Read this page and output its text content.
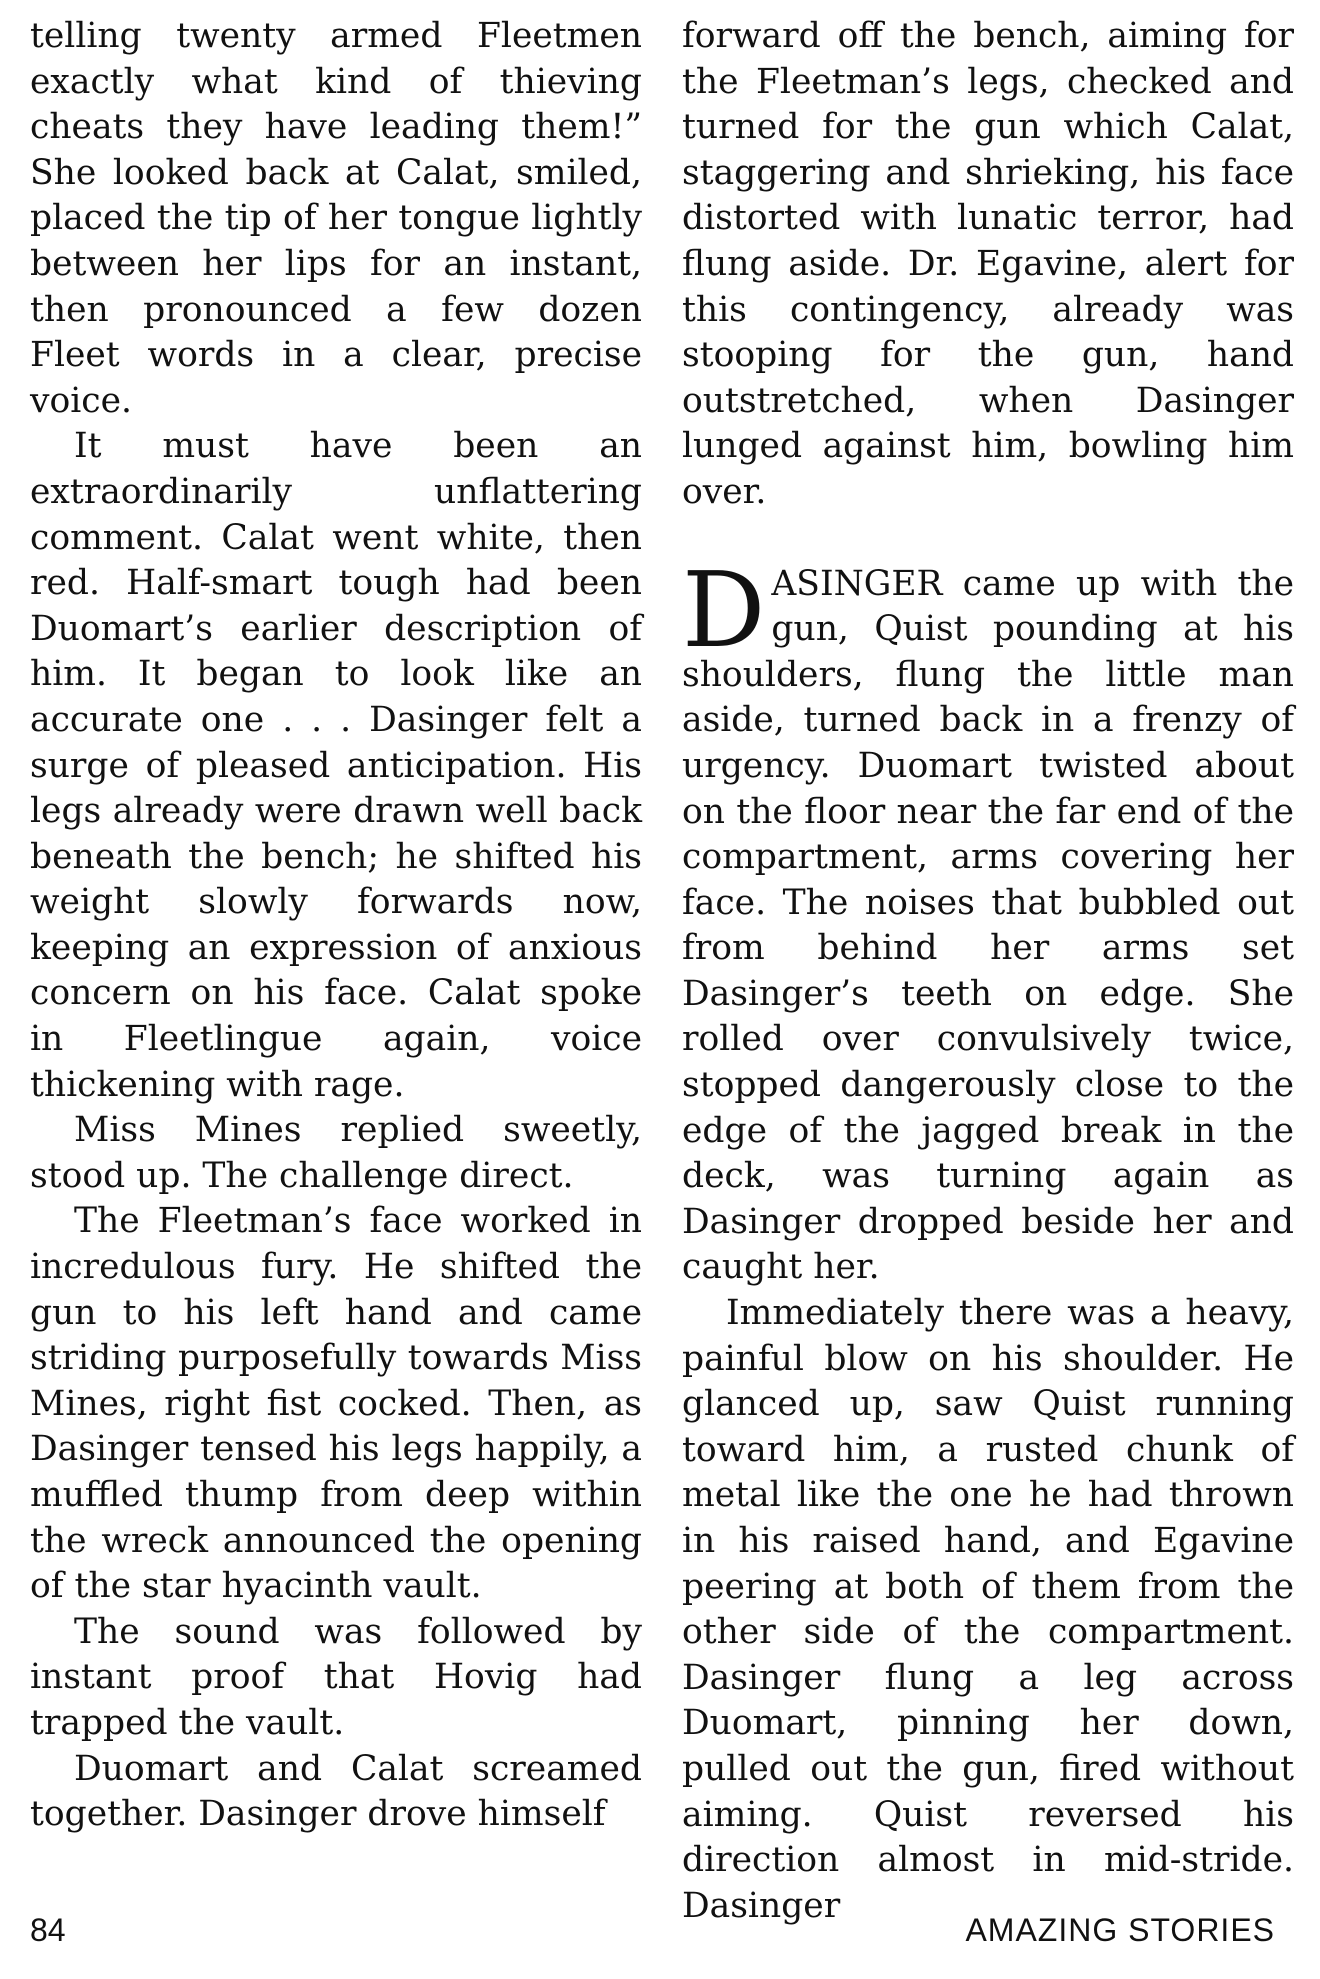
telling twenty armed Fleetmen exactly what kind of thieving cheats they have leading them!” She looked back at Calat, smiled, placed the tip of her tongue lightly between her lips for an instant, then pronounced a few dozen Fleet words in a clear, precise voice.

It must have been an extraordinarily unflattering comment. Calat went white, then red. Half-smart tough had been Duomart’s earlier description of him. It began to look like an accurate one . . . Dasinger felt a surge of pleased anticipation. His legs already were drawn well back beneath the bench; he shifted his weight slowly forwards now, keeping an expression of anxious concern on his face. Calat spoke in Fleetlingue again, voice thickening with rage.

Miss Mines replied sweetly, stood up. The challenge direct.

The Fleetman’s face worked in incredulous fury. He shifted the gun to his left hand and came striding purposefully towards Miss Mines, right fist cocked. Then, as Dasinger tensed his legs happily, a muffled thump from deep within the wreck announced the opening of the star hyacinth vault.

The sound was followed by instant proof that Hovig had trapped the vault.

Duomart and Calat screamed together. Dasinger drove himself

forward off the bench, aiming for the Fleetman’s legs, checked and turned for the gun which Calat, staggering and shrieking, his face distorted with lunatic terror, had flung aside. Dr. Egavine, alert for this contingency, already was stooping for the gun, hand outstretched, when Dasinger lunged against him, bowling him over.

DASINGER came up with the gun, Quist pounding at his shoulders, flung the little man aside, turned back in a frenzy of urgency. Duomart twisted about on the floor near the far end of the compartment, arms covering her face. The noises that bubbled out from behind her arms set Dasinger’s teeth on edge. She rolled over convulsively twice, stopped dangerously close to the edge of the jagged break in the deck, was turning again as Dasinger dropped beside her and caught her.

Immediately there was a heavy, painful blow on his shoulder. He glanced up, saw Quist running toward him, a rusted chunk of metal like the one he had thrown in his raised hand, and Egavine peering at both of them from the other side of the compartment. Dasinger flung a leg across Duomart, pinning her down, pulled out the gun, fired without aiming. Quist reversed his direction almost in mid-stride. Dasinger

84	AMAZING STORIES
